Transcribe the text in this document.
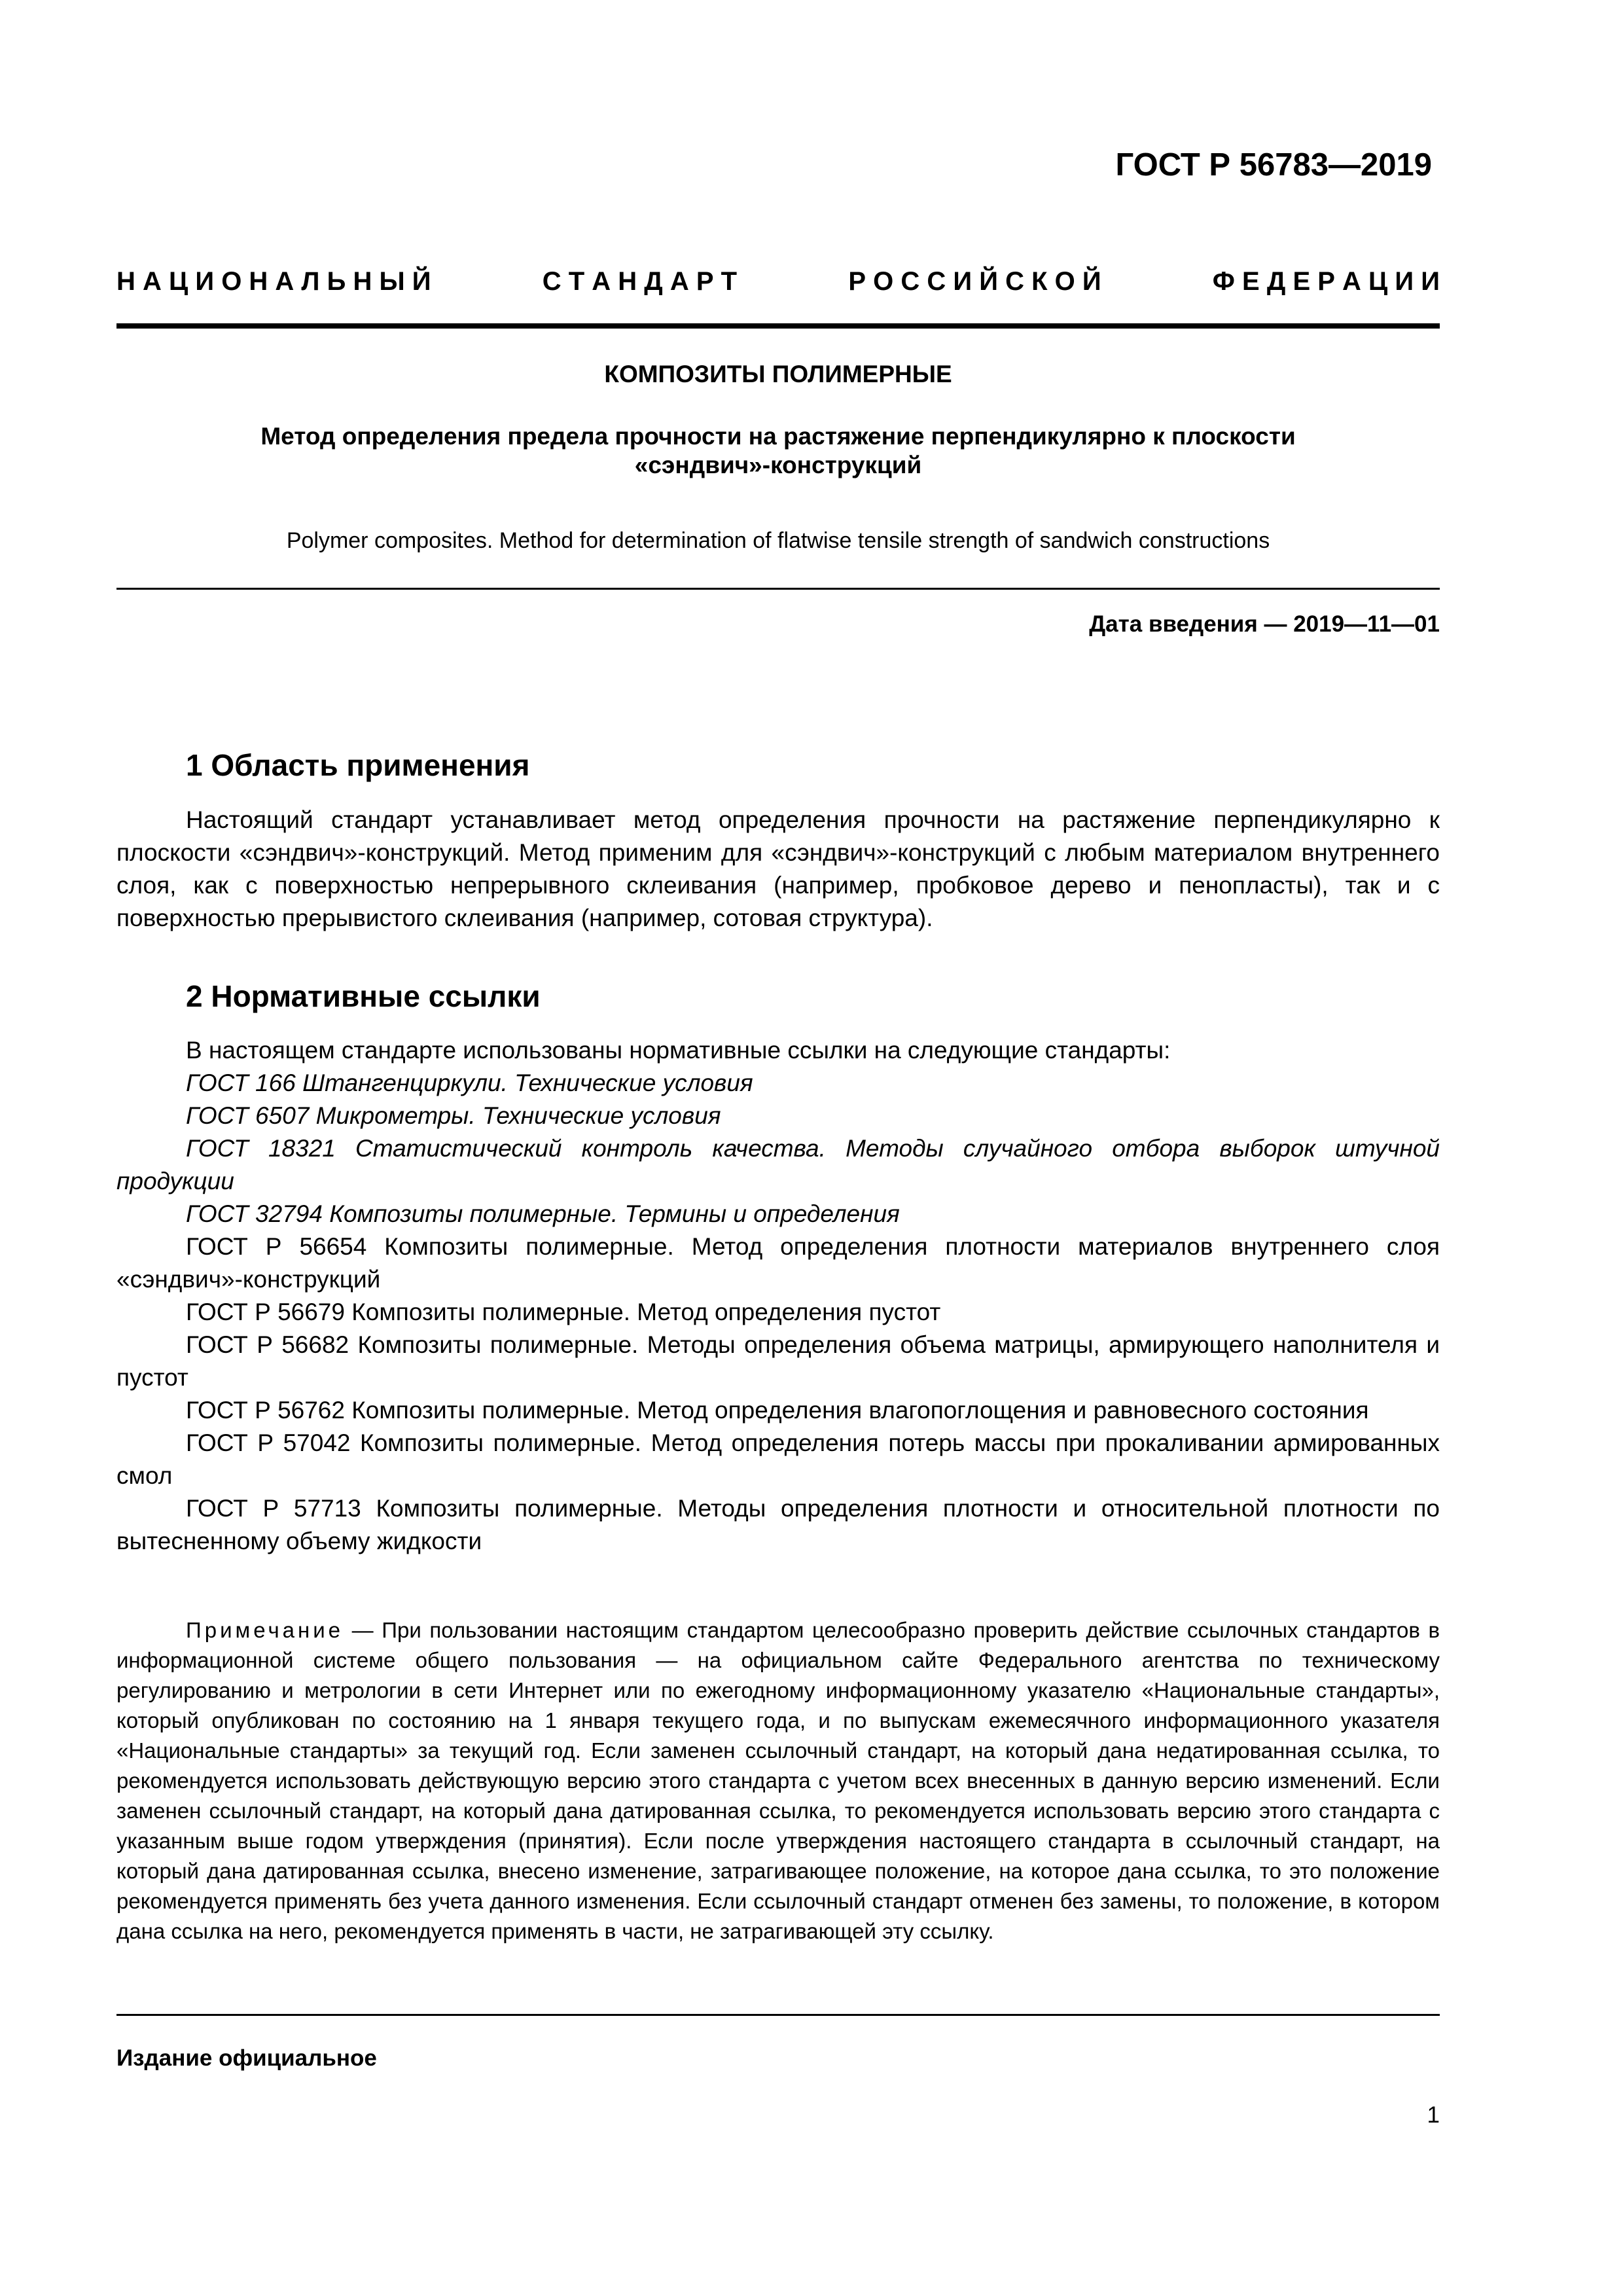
ГОСТ Р 56783—2019
Н А Ц И О Н А Л Ь Н Ы Й	С Т А Н Д А Р Т	Р О С С И Й С К О Й	Ф Е Д Е Р А Ц И И
КОМПОЗИТЫ ПОЛИМЕРНЫЕ
Метод определения предела прочности на растяжение перпендикулярно к плоскости
«сэндвич»-конструкций
Polymer composites. Method for determination of flatwise tensile strength of sandwich constructions
Дата введения — 2019—11—01
1 Область применения

Настоящий стандарт устанавливает метод определения прочности на растяжение перпендикулярно к плоскости «сэндвич»-конструкций. Метод применим для «сэндвич»-конструкций с любым материалом внутреннего слоя, как с поверхностью непрерывного склеивания (например, пробковое дерево и пенопласты), так и с поверхностью прерывистого склеивания (например, сотовая структура).

2 Нормативные ссылки

В настоящем стандарте использованы нормативные ссылки на следующие стандарты:

ГОСТ 166 Штангенциркули. Технические условия

ГОСТ 6507 Микрометры. Технические условия

ГОСТ 18321 Статистический контроль качества. Методы случайного отбора выборок штучной продукции

ГОСТ 32794 Композиты полимерные. Термины и определения

ГОСТ Р 56654 Композиты полимерные. Метод определения плотности материалов внутреннего слоя «сэндвич»-конструкций

ГОСТ Р 56679 Композиты полимерные. Метод определения пустот

ГОСТ Р 56682 Композиты полимерные. Методы определения объема матрицы, армирующего наполнителя и пустот

ГОСТ Р 56762 Композиты полимерные. Метод определения влагопоглощения и равновесного состояния

ГОСТ Р 57042 Композиты полимерные. Метод определения потерь массы при прокаливании армированных смол

ГОСТ Р 57713 Композиты полимерные. Методы определения плотности и относительной плотности по вытесненному объему жидкости

Примечание — При пользовании настоящим стандартом целесообразно проверить действие ссылочных стандартов в информационной системе общего пользования — на официальном сайте Федерального агентства по техническому регулированию и метрологии в сети Интернет или по ежегодному информационному указателю «Национальные стандарты», который опубликован по состоянию на 1 января текущего года, и по выпускам ежемесячного информационного указателя «Национальные стандарты» за текущий год. Если заменен ссылочный стандарт, на который дана недатированная ссылка, то рекомендуется использовать действующую версию этого стандарта с учетом всех внесенных в данную версию изменений. Если заменен ссылочный стандарт, на который дана датированная ссылка, то рекомендуется использовать версию этого стандарта с указанным выше годом утверждения (принятия). Если после утверждения настоящего стандарта в ссылочный стандарт, на который дана датированная ссылка, внесено изменение, затрагивающее положение, на которое дана ссылка, то это положение рекомендуется применять без учета данного изменения. Если ссылочный стандарт отменен без замены, то положение, в котором дана ссылка на него, рекомендуется применять в части, не затрагивающей эту ссылку.
Издание официальное
1
